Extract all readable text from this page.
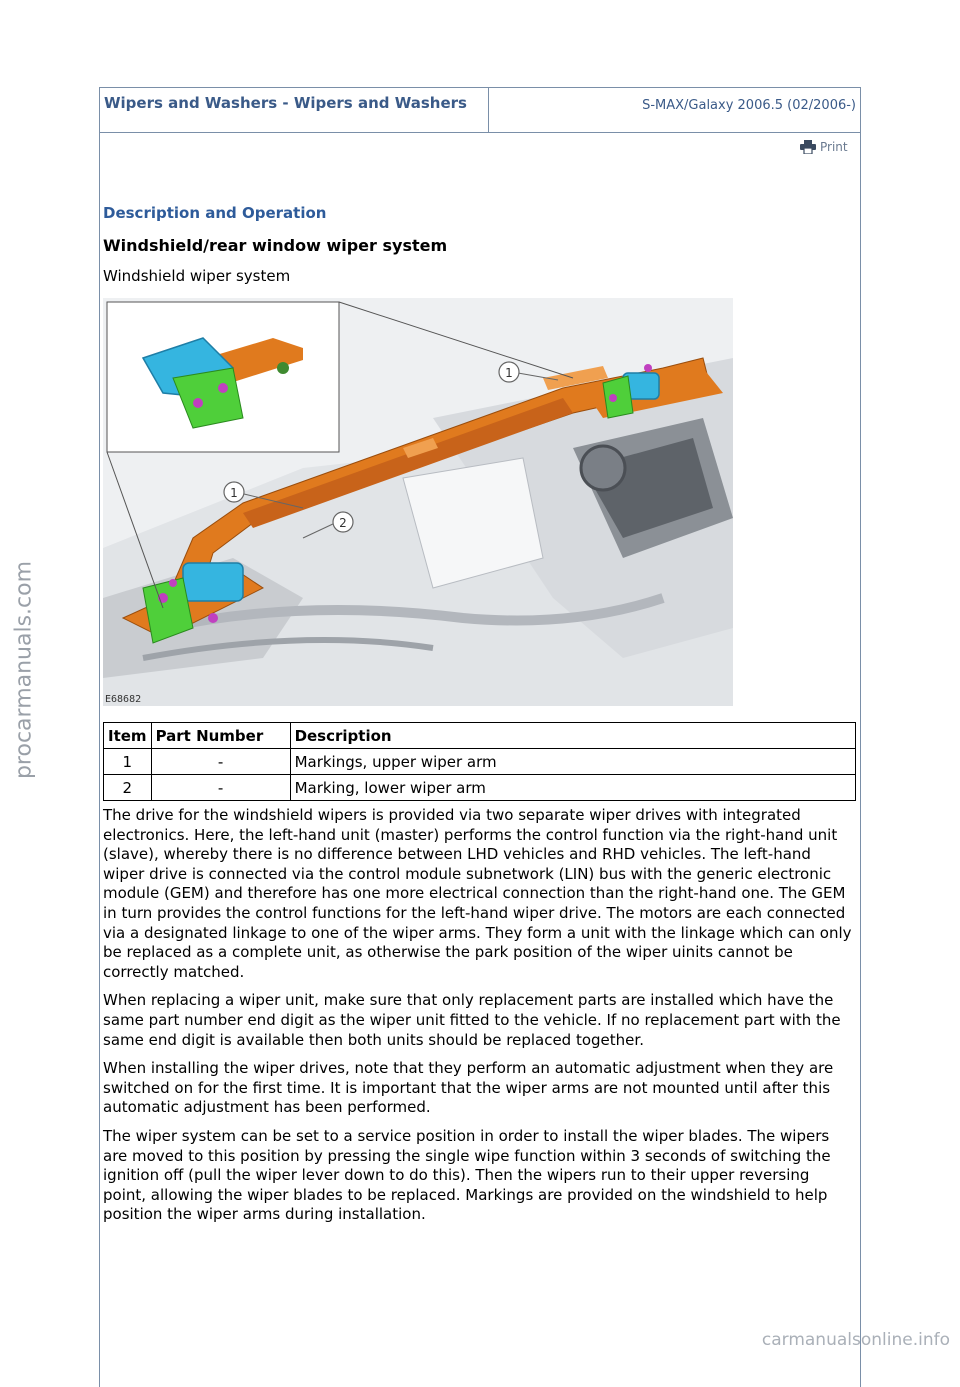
procarmanuals.com
carmanualsonline.info
Wipers and Washers - Wipers and Washers	S-MAX/Galaxy 2006.5 (02/2006-)
Print
Description and Operation
Windshield/rear window wiper system
Windshield wiper system
1
1
2
E68682
Item	Part Number	Description
1	-	Markings, upper wiper arm
2	-	Marking, lower wiper arm

The drive for the windshield wipers is provided via two separate wiper drives with integrated electronics. Here, the left-hand unit (master) performs the control function via the right-hand unit (slave), whereby there is no difference between LHD vehicles and RHD vehicles. The left-hand wiper drive is connected via the control module subnetwork (LIN) bus with the generic electronic module (GEM) and therefore has one more electrical connection than the right-hand one. The GEM in turn provides the control functions for the left-hand wiper drive. The motors are each connected via a designated linkage to one of the wiper arms. They form a unit with the linkage which can only be replaced as a complete unit, as otherwise the park position of the wiper uinits cannot be correctly matched.

When replacing a wiper unit, make sure that only replacement parts are installed which have the same part number end digit as the wiper unit fitted to the vehicle. If no replacement part with the same end digit is available then both units should be replaced together.

When installing the wiper drives, note that they perform an automatic adjustment when they are switched on for the first time. It is important that the wiper arms are not mounted until after this automatic adjustment has been performed.

The wiper system can be set to a service position in order to install the wiper blades. The wipers are moved to this position by pressing the single wipe function within 3 seconds of switching the ignition off (pull the wiper lever down to do this). Then the wipers run to their upper reversing point, allowing the wiper blades to be replaced. Markings are provided on the windshield to help position the wiper arms during installation.
